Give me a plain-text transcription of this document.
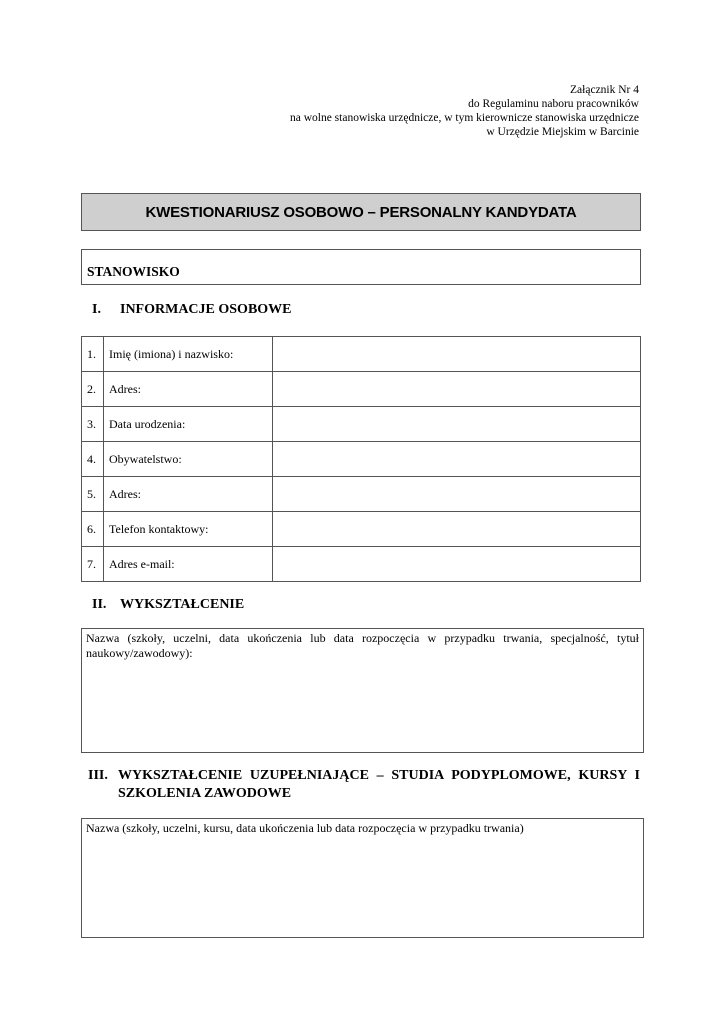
Załącznik Nr 4
do Regulaminu naboru pracowników
na wolne stanowiska urzędnicze, w tym kierownicze stanowiska urzędnicze
w Urzędzie Miejskim w Barcinie
KWESTIONARIUSZ OSOBOWO – PERSONALNY KANDYDATA
STANOWISKO
I. INFORMACJE OSOBOWE
1.	Imię (imiona) i nazwisko:	
2.	Adres:	
3.	Data urodzenia:	
4.	Obywatelstwo:	
5.	Adres:	
6.	Telefon kontaktowy:	
7.	Adres e-mail:	
II. WYKSZTAŁCENIE
Nazwa (szkoły, uczelni, data ukończenia lub data rozpoczęcia w przypadku trwania, specjalność, tytuł naukowy/zawodowy):
III. WYKSZTAŁCENIE UZUPEŁNIAJĄCE – STUDIA PODYPLOMOWE, KURSY I SZKOLENIA ZAWODOWE
Nazwa (szkoły, uczelni, kursu, data ukończenia lub data rozpoczęcia w przypadku trwania)
